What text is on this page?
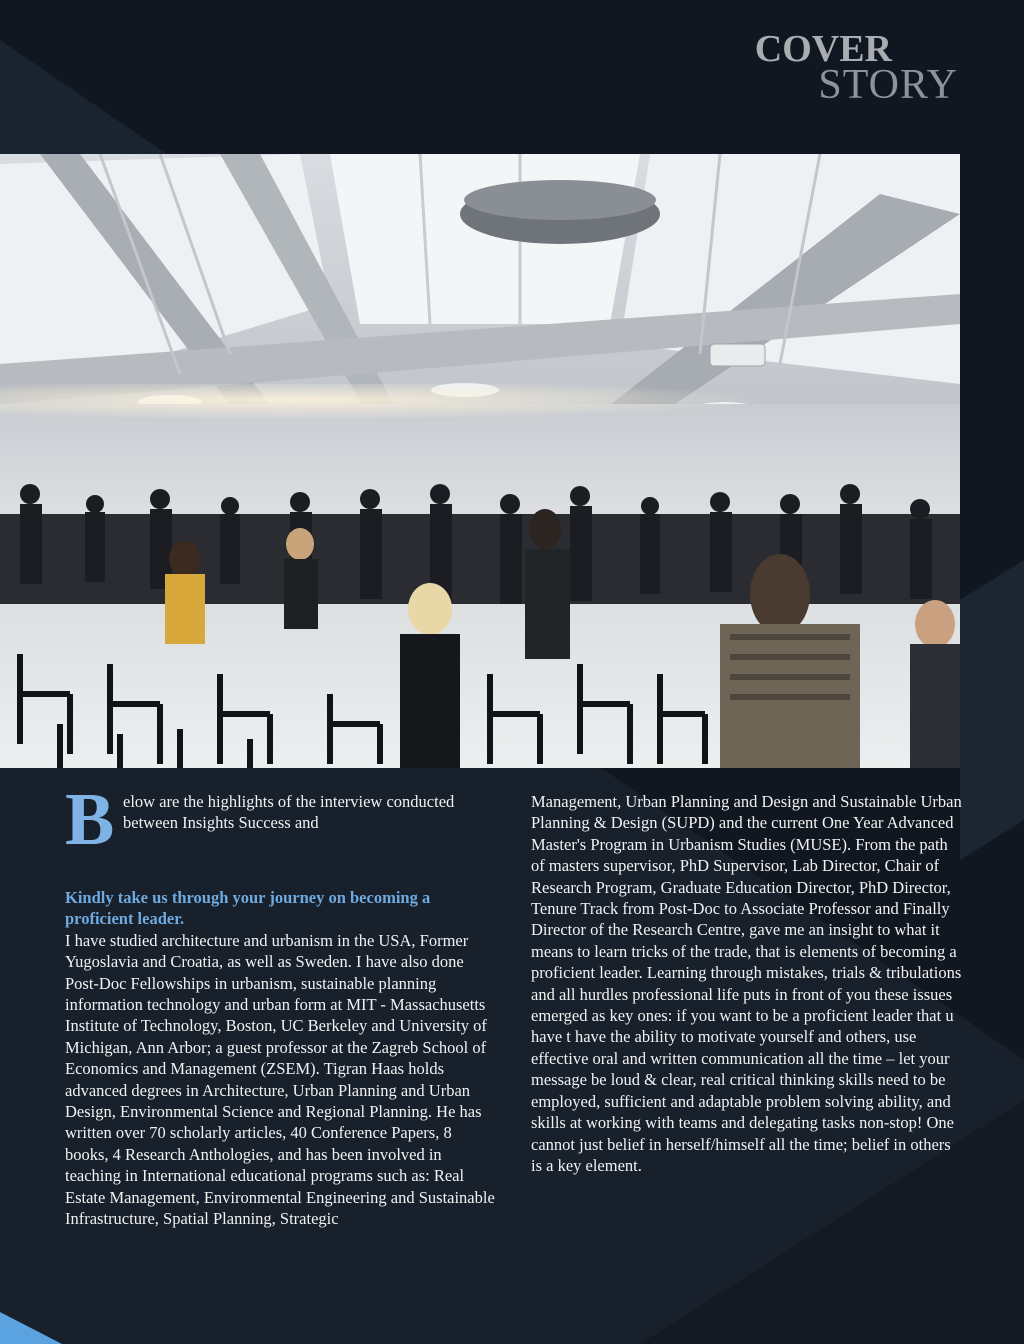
COVER
STORY
B elow are the highlights of the interview conducted between Insights Success and
Kindly take us through your journey on becoming a proficient leader.
I have studied architecture and urbanism in the USA, Former Yugoslavia and Croatia, as well as Sweden. I have also done Post-Doc Fellowships in urbanism, sustainable planning information technology and urban form at MIT - Massachusetts Institute of Technology, Boston, UC Berkeley and University of Michigan, Ann Arbor; a guest professor at the Zagreb School of Economics and Management (ZSEM). Tigran Haas holds advanced degrees in Architecture, Urban Planning and Urban Design, Environmental Science and Regional Planning. He has written over 70 scholarly articles, 40 Conference Papers, 8 books, 4 Research Anthologies, and has been involved in teaching in International educational programs such as: Real Estate Management, Environmental Engineering and Sustainable Infrastructure, Spatial Planning, Strategic
Management, Urban Planning and Design and Sustainable Urban Planning & Design (SUPD) and the current One Year Advanced Master's Program in Urbanism Studies (MUSE). From the path of masters supervisor, PhD Supervisor, Lab Director, Chair of Research Program, Graduate Education Director, PhD Director, Tenure Track from Post-Doc to Associate Professor and Finally Director of the Research Centre, gave me an insight to what it means to learn tricks of the trade, that is elements of becoming a proficient leader. Learning through mistakes, trials & tribulations and all hurdles professional life puts in front of you these issues emerged as key ones: if you want to be a proficient leader that u have t have the ability to motivate yourself and others, use effective oral and written communication all the time – let your message be loud & clear, real critical thinking skills need to be employed, sufficient and adaptable problem solving ability, and skills at working with teams and delegating tasks non-stop! One cannot just belief in herself/himself all the time; belief in others is a key element.
